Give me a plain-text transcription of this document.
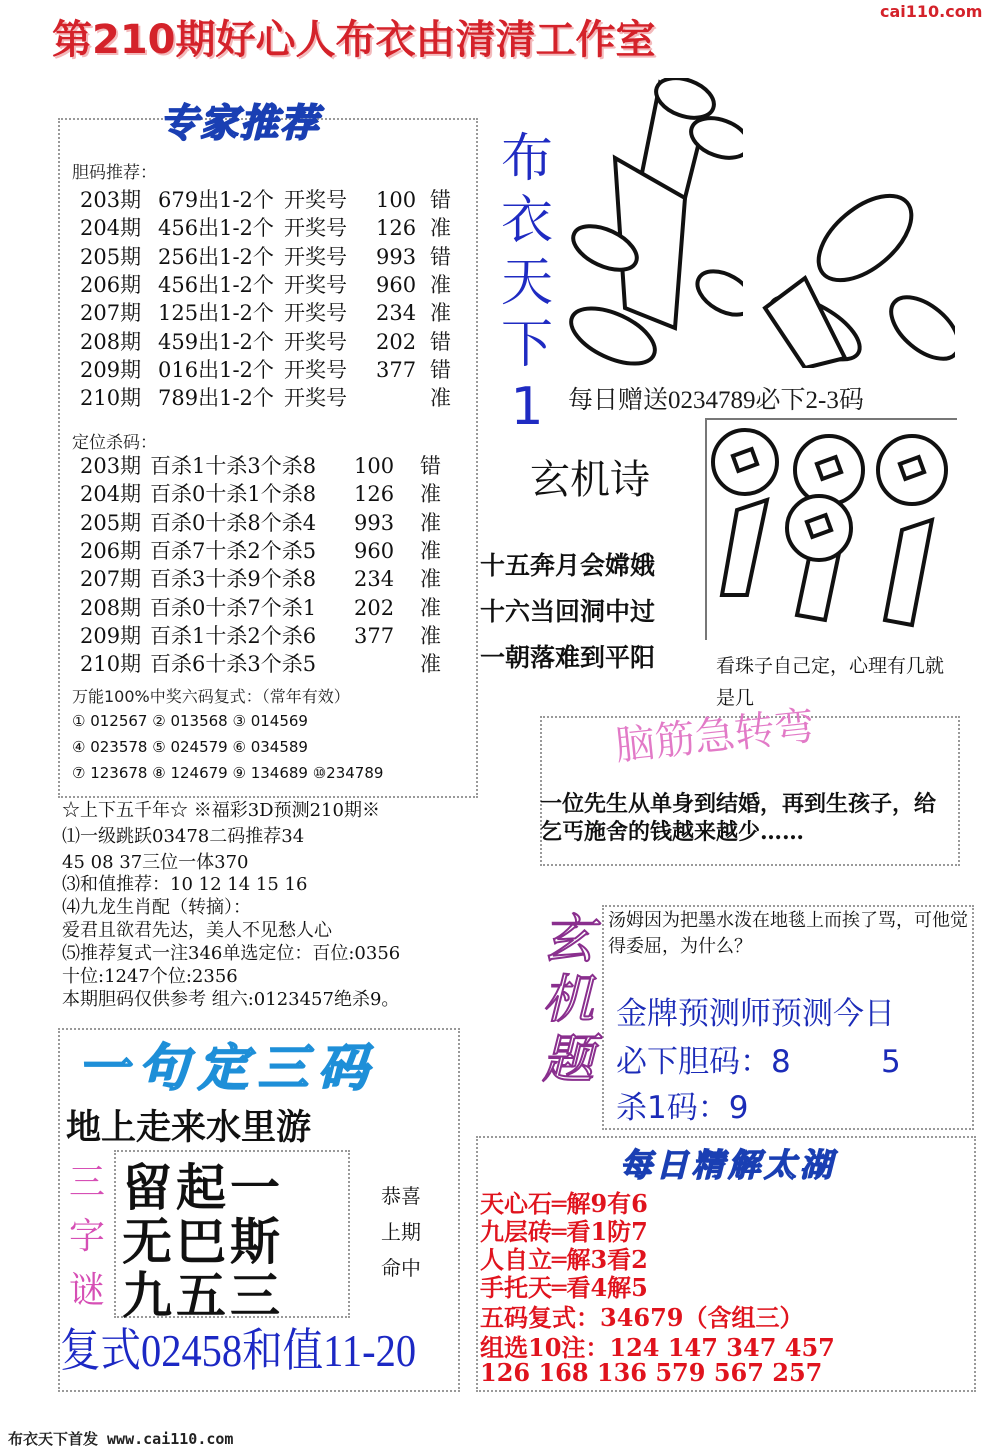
第210期好心人布衣由清清工作室
cai110.com
专家推荐
胆码推荐：
203期 679出1-2个 开奖号 100 错
204期 456出1-2个 开奖号 126 准
205期 256出1-2个 开奖号 993 错
206期 456出1-2个 开奖号 960 准
207期 125出1-2个 开奖号 234 准
208期 459出1-2个 开奖号 202 错
209期 016出1-2个 开奖号 377 错
210期 789出1-2个 开奖号	准
定位杀码：
203期 百杀1十杀3个杀8 100 错
204期 百杀0十杀1个杀8 126 准
205期 百杀0十杀8个杀4 993 准
206期 百杀7十杀2个杀5 960 准
207期 百杀3十杀9个杀8 234 准
208期 百杀0十杀7个杀1 202 准
209期 百杀1十杀2个杀6 377 准
210期 百杀6十杀3个杀5	准
万能100%中奖六码复式：（常年有效）
① 012567 ② 013568 ③ 014569
④ 023578 ⑤ 024579 ⑥ 034589
⑦ 123678 ⑧ 124679 ⑨ 134689 ⑩234789
☆上下五千年☆ ※福彩3D预测210期※
⑴一级跳跃03478二码推荐34
45 08 37三位一体370
⑶和值推荐：10 12 14 15 16
⑷九龙生肖配（转摘）：
爱君且欲君先达，美人不见愁人心
⑸推荐复式一注346单选定位：百位:0356
十位:1247个位:2356
本期胆码仅供参考 组六:0123457绝杀9。
布衣天下1 每日赠送0234789必下2-3码
玄机诗
十五奔月会嫦娥
十六当回洞中过
一朝落难到平阳	看珠子自己定，心理有几就是几
脑筋急转弯
一位先生从单身到结婚，再到生孩子，给乞丐施舍的钱越来越少……
玄机题
汤姆因为把墨水泼在地毯上而挨了骂，可他觉得委屈，为什么？
金牌预测师预测今日
必下胆码：8	5
杀1码：9
每日精解太湖
天心石═解9有6
九层砖═看1防7
人自立═解3看2
手托天═看4解5
五码复式：34679（含组三）
组选10注：124 147 347 457
126 168 136 579 567 257
一句定三码
地上走来水里游
三字谜
留起一
无巴斯
九五三
恭喜
上期
命中
复式02458和值11-20
布衣天下首发 www.cai110.com
